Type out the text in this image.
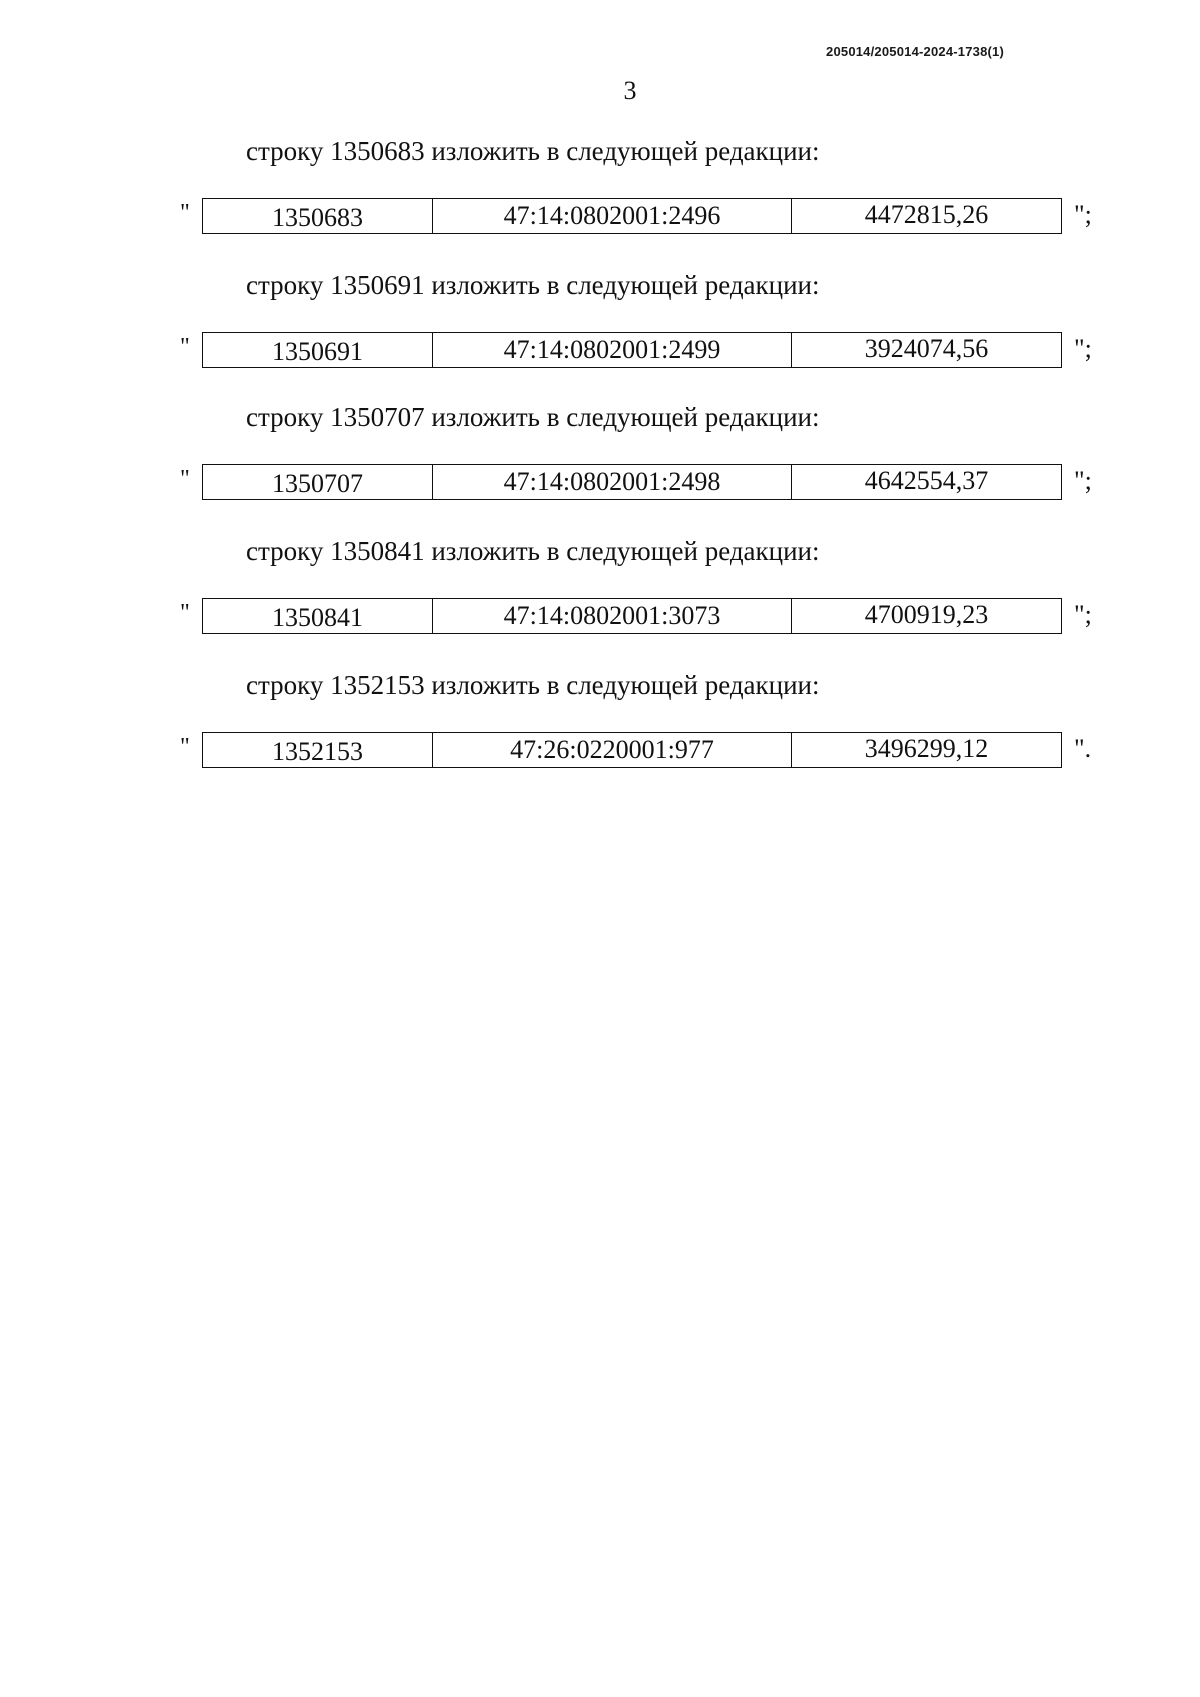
205014/205014-2024-1738(1)
3
строку 1350683 изложить в следующей редакции:
"	1350683	47:14:0802001:2496	4472815,26	";
строку 1350691 изложить в следующей редакции:
"	1350691	47:14:0802001:2499	3924074,56	";
строку 1350707 изложить в следующей редакции:
"	1350707	47:14:0802001:2498	4642554,37	";
строку 1350841 изложить в следующей редакции:
"	1350841	47:14:0802001:3073	4700919,23	";
строку 1352153 изложить в следующей редакции:
"	1352153	47:26:0220001:977	3496299,12	".
